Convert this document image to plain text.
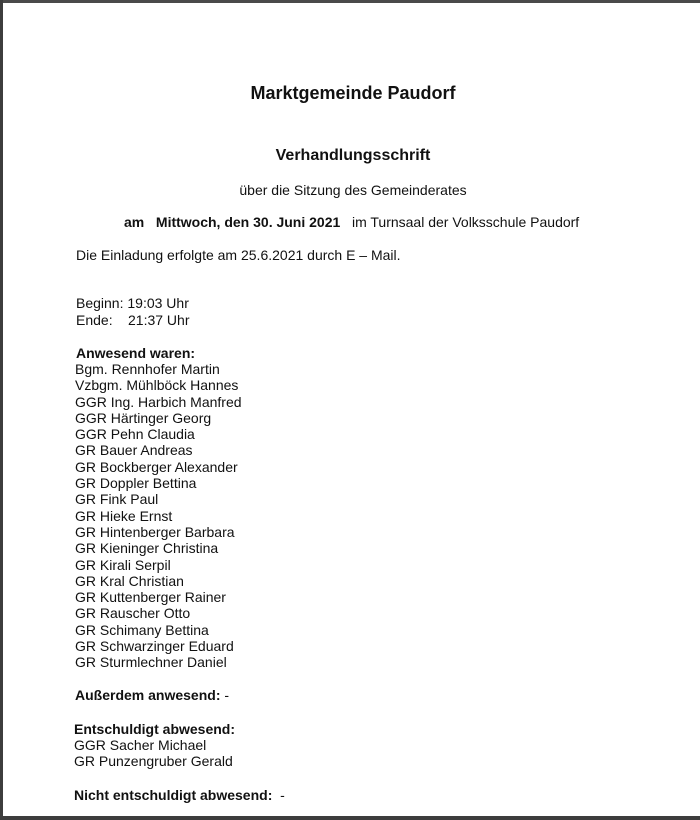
Marktgemeinde Paudorf
Verhandlungsschrift
über die Sitzung des Gemeinderates
am Mittwoch, den 30. Juni 2021 im Turnsaal der Volksschule Paudorf
Die Einladung erfolgte am 25.6.2021 durch E – Mail.
Beginn: 19:03 Uhr
Ende: 21:37 Uhr
Anwesend waren:
Bgm. Rennhofer Martin
Vzbgm. Mühlböck Hannes
GGR Ing. Harbich Manfred
GGR Härtinger Georg
GGR Pehn Claudia
GR Bauer Andreas
GR Bockberger Alexander
GR Doppler Bettina
GR Fink Paul
GR Hieke Ernst
GR Hintenberger Barbara
GR Kieninger Christina
GR Kirali Serpil
GR Kral Christian
GR Kuttenberger Rainer
GR Rauscher Otto
GR Schimany Bettina
GR Schwarzinger Eduard
GR Sturmlechner Daniel
Außerdem anwesend: -
Entschuldigt abwesend:
GGR Sacher Michael
GR Punzengruber Gerald
Nicht entschuldigt abwesend: -
